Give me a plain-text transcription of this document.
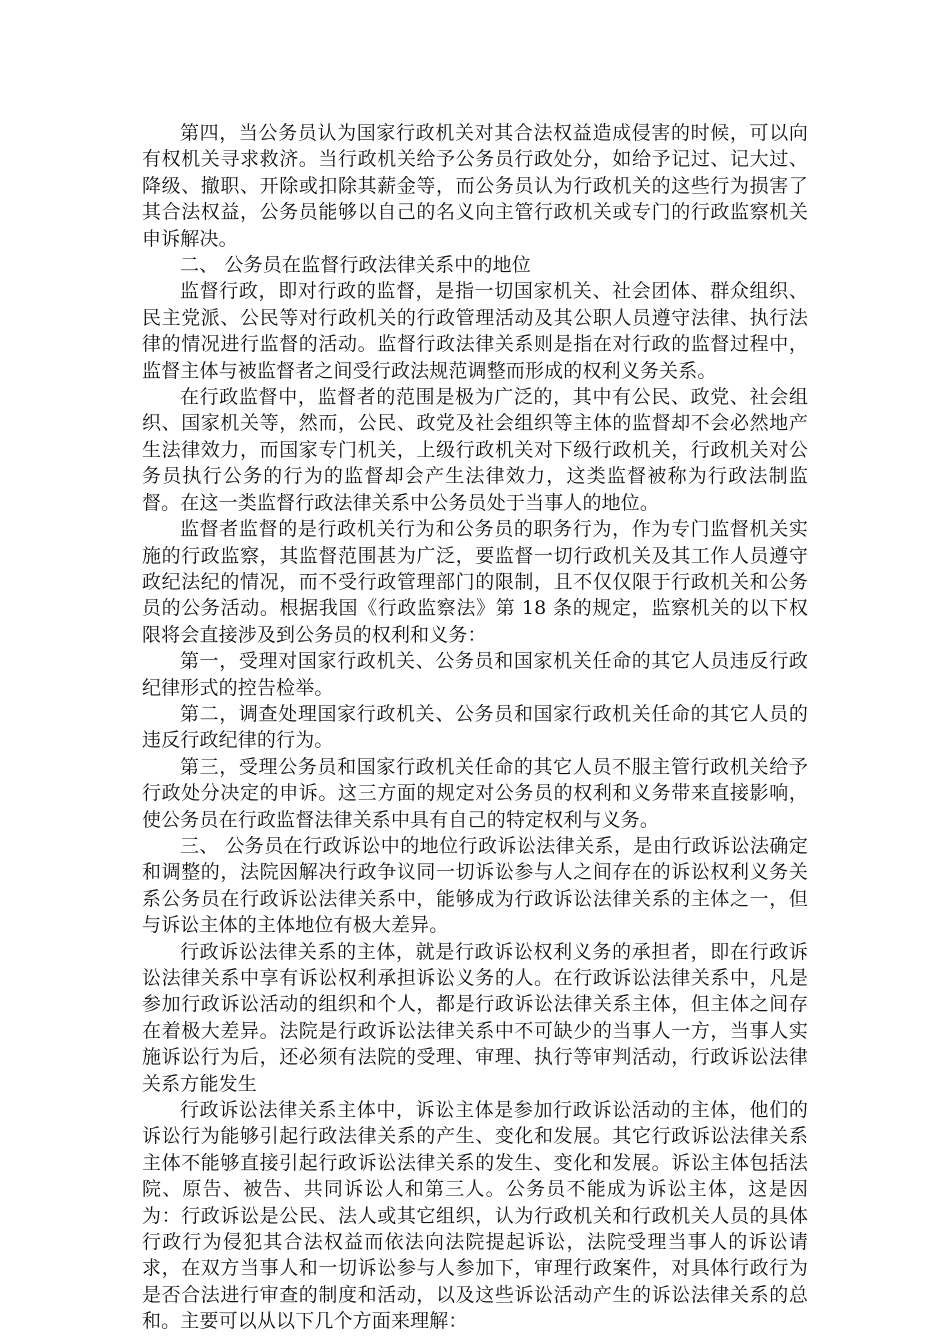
第四，当公务员认为国家行政机关对其合法权益造成侵害的时候，可以向有权机关寻求救济。当行政机关给予公务员行政处分，如给予记过、记大过、降级、撤职、开除或扣除其薪金等，而公务员认为行政机关的这些行为损害了其合法权益，公务员能够以自己的名义向主管行政机关或专门的行政监察机关申诉解决。

二、 公务员在监督行政法律关系中的地位

监督行政，即对行政的监督，是指一切国家机关、社会团体、群众组织、民主党派、公民等对行政机关的行政管理活动及其公职人员遵守法律、执行法律的情况进行监督的活动。监督行政法律关系则是指在对行政的监督过程中，监督主体与被监督者之间受行政法规范调整而形成的权利义务关系。

在行政监督中，监督者的范围是极为广泛的，其中有公民、政党、社会组织、国家机关等，然而，公民、政党及社会组织等主体的监督却不会必然地产生法律效力，而国家专门机关，上级行政机关对下级行政机关，行政机关对公务员执行公务的行为的监督却会产生法律效力，这类监督被称为行政法制监督。在这一类监督行政法律关系中公务员处于当事人的地位。

监督者监督的是行政机关行为和公务员的职务行为，作为专门监督机关实施的行政监察，其监督范围甚为广泛，要监督一切行政机关及其工作人员遵守政纪法纪的情况，而不受行政管理部门的限制，且不仅仅限于行政机关和公务员的公务活动。根据我国《行政监察法》第 18 条的规定，监察机关的以下权限将会直接涉及到公务员的权利和义务：

第一，受理对国家行政机关、公务员和国家机关任命的其它人员违反行政纪律形式的控告检举。

第二，调查处理国家行政机关、公务员和国家行政机关任命的其它人员的违反行政纪律的行为。

第三，受理公务员和国家行政机关任命的其它人员不服主管行政机关给予行政处分决定的申诉。这三方面的规定对公务员的权利和义务带来直接影响，使公务员在行政监督法律关系中具有自己的特定权利与义务。

三、 公务员在行政诉讼中的地位行政诉讼法律关系，是由行政诉讼法确定和调整的，法院因解决行政争议同一切诉讼参与人之间存在的诉讼权利义务关系公务员在行政诉讼法律关系中，能够成为行政诉讼法律关系的主体之一，但与诉讼主体的主体地位有极大差异。

行政诉讼法律关系的主体，就是行政诉讼权利义务的承担者，即在行政诉讼法律关系中享有诉讼权利承担诉讼义务的人。在行政诉讼法律关系中，凡是参加行政诉讼活动的组织和个人，都是行政诉讼法律关系主体，但主体之间存在着极大差异。法院是行政诉讼法律关系中不可缺少的当事人一方，当事人实施诉讼行为后，还必须有法院的受理、审理、执行等审判活动，行政诉讼法律关系方能发生

行政诉讼法律关系主体中，诉讼主体是参加行政诉讼活动的主体，他们的诉讼行为能够引起行政法律关系的产生、变化和发展。其它行政诉讼法律关系主体不能够直接引起行政诉讼法律关系的发生、变化和发展。诉讼主体包括法院、原告、被告、共同诉讼人和第三人。公务员不能成为诉讼主体，这是因为：行政诉讼是公民、法人或其它组织，认为行政机关和行政机关人员的具体行政行为侵犯其合法权益而依法向法院提起诉讼，法院受理当事人的诉讼请求，在双方当事人和一切诉讼参与人参加下，审理行政案件，对具体行政行为是否合法进行审查的制度和活动，以及这些诉讼活动产生的诉讼法律关系的总和。主要可以从以下几个方面来理解：
